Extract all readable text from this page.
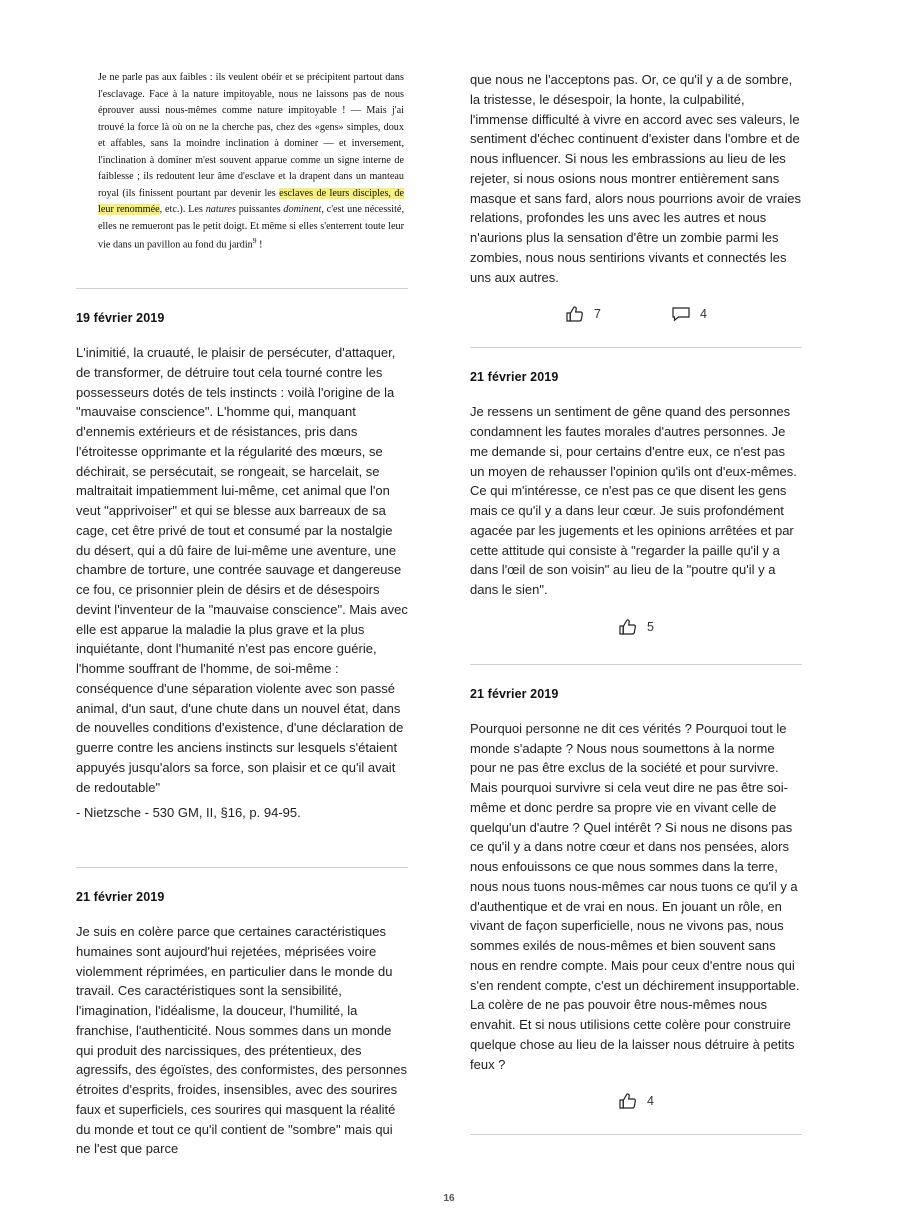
Je ne parle pas aux faibles : ils veulent obéir et se précipitent partout dans l'esclavage. Face à la nature impitoyable, nous ne laissons pas de nous éprouver aussi nous-mêmes comme nature impitoyable ! — Mais j'ai trouvé la force là où on ne la cherche pas, chez des «gens» simples, doux et affables, sans la moindre inclination à dominer — et inversement, l'inclination à dominer m'est souvent apparue comme un signe interne de faiblesse ; ils redoutent leur âme d'esclave et la drapent dans un manteau royal (ils finissent pourtant par devenir les esclaves de leurs disciples, de leur renommée, etc.). Les natures puissantes dominent, c'est une nécessité, elles ne remueront pas le petit doigt. Et même si elles s'enterrent toute leur vie dans un pavillon au fond du jardin$^9$ !
19 février 2019
L'inimitié, la cruauté, le plaisir de persécuter, d'attaquer, de transformer, de détruire tout cela tourné contre les possesseurs dotés de tels instincts : voilà l'origine de la "mauvaise conscience". L'homme qui, manquant d'ennemis extérieurs et de résistances, pris dans l'étroitesse opprimante et la régularité des mœurs, se déchirait, se persécutait, se rongeait, se harcelait, se maltraitait impatiemment lui-même, cet animal que l'on veut "apprivoiser" et qui se blesse aux barreaux de sa cage, cet être privé de tout et consumé par la nostalgie du désert, qui a dû faire de lui-même une aventure, une chambre de torture, une contrée sauvage et dangereuse ce fou, ce prisonnier plein de désirs et de désespoirs devint l'inventeur de la "mauvaise conscience". Mais avec elle est apparue la maladie la plus grave et la plus inquiétante, dont l'humanité n'est pas encore guérie, l'homme souffrant de l'homme, de soi-même : conséquence d'une séparation violente avec son passé animal, d'un saut, d'une chute dans un nouvel état, dans de nouvelles conditions d'existence, d'une déclaration de guerre contre les anciens instincts sur lesquels s'étaient appuyés jusqu'alors sa force, son plaisir et ce qu'il avait de redoutable"
- Nietzsche - 530 GM, II, §16, p. 94-95.
21 février 2019
Je suis en colère parce que certaines caractéristiques humaines sont aujourd'hui rejetées, méprisées voire violemment réprimées, en particulier dans le monde du travail. Ces caractéristiques sont la sensibilité, l'imagination, l'idéalisme, la douceur, l'humilité, la franchise, l'authenticité. Nous sommes dans un monde qui produit des narcissiques, des prétentieux, des agressifs, des égoïstes, des conformistes, des personnes étroites d'esprits, froides, insensibles, avec des sourires faux et superficiels, ces sourires qui masquent la réalité du monde et tout ce qu'il contient de "sombre" mais qui ne l'est que parce
que nous ne l'acceptons pas. Or, ce qu'il y a de sombre, la tristesse, le désespoir, la honte, la culpabilité, l'immense difficulté à vivre en accord avec ses valeurs, le sentiment d'échec continuent d'exister dans l'ombre et de nous influencer. Si nous les embrassions au lieu de les rejeter, si nous osions nous montrer entièrement sans masque et sans fard, alors nous pourrions avoir de vraies relations, profondes les uns avec les autres et nous n'aurions plus la sensation d'être un zombie parmi les zombies, nous nous sentirions vivants et connectés les uns aux autres.
7	4
21 février 2019
Je ressens un sentiment de gêne quand des personnes condamnent les fautes morales d'autres personnes. Je me demande si, pour certains d'entre eux, ce n'est pas un moyen de rehausser l'opinion qu'ils ont d'eux-mêmes. Ce qui m'intéresse, ce n'est pas ce que disent les gens mais ce qu'il y a dans leur cœur. Je suis profondément agacée par les jugements et les opinions arrêtées et par cette attitude qui consiste à "regarder la paille qu'il y a dans l'œil de son voisin" au lieu de la "poutre qu'il y a dans le sien".
5
21 février 2019
Pourquoi personne ne dit ces vérités ? Pourquoi tout le monde s'adapte ? Nous nous soumettons à la norme pour ne pas être exclus de la société et pour survivre. Mais pourquoi survivre si cela veut dire ne pas être soi-même et donc perdre sa propre vie en vivant celle de quelqu'un d'autre ? Quel intérêt ? Si nous ne disons pas ce qu'il y a dans notre cœur et dans nos pensées, alors nous enfouissons ce que nous sommes dans la terre, nous nous tuons nous-mêmes car nous tuons ce qu'il y a d'authentique et de vrai en nous. En jouant un rôle, en vivant de façon superficielle, nous ne vivons pas, nous sommes exilés de nous-mêmes et bien souvent sans nous en rendre compte. Mais pour ceux d'entre nous qui s'en rendent compte, c'est un déchirement insupportable. La colère de ne pas pouvoir être nous-mêmes nous envahit. Et si nous utilisions cette colère pour construire quelque chose au lieu de la laisser nous détruire à petits feux ?
4
16
